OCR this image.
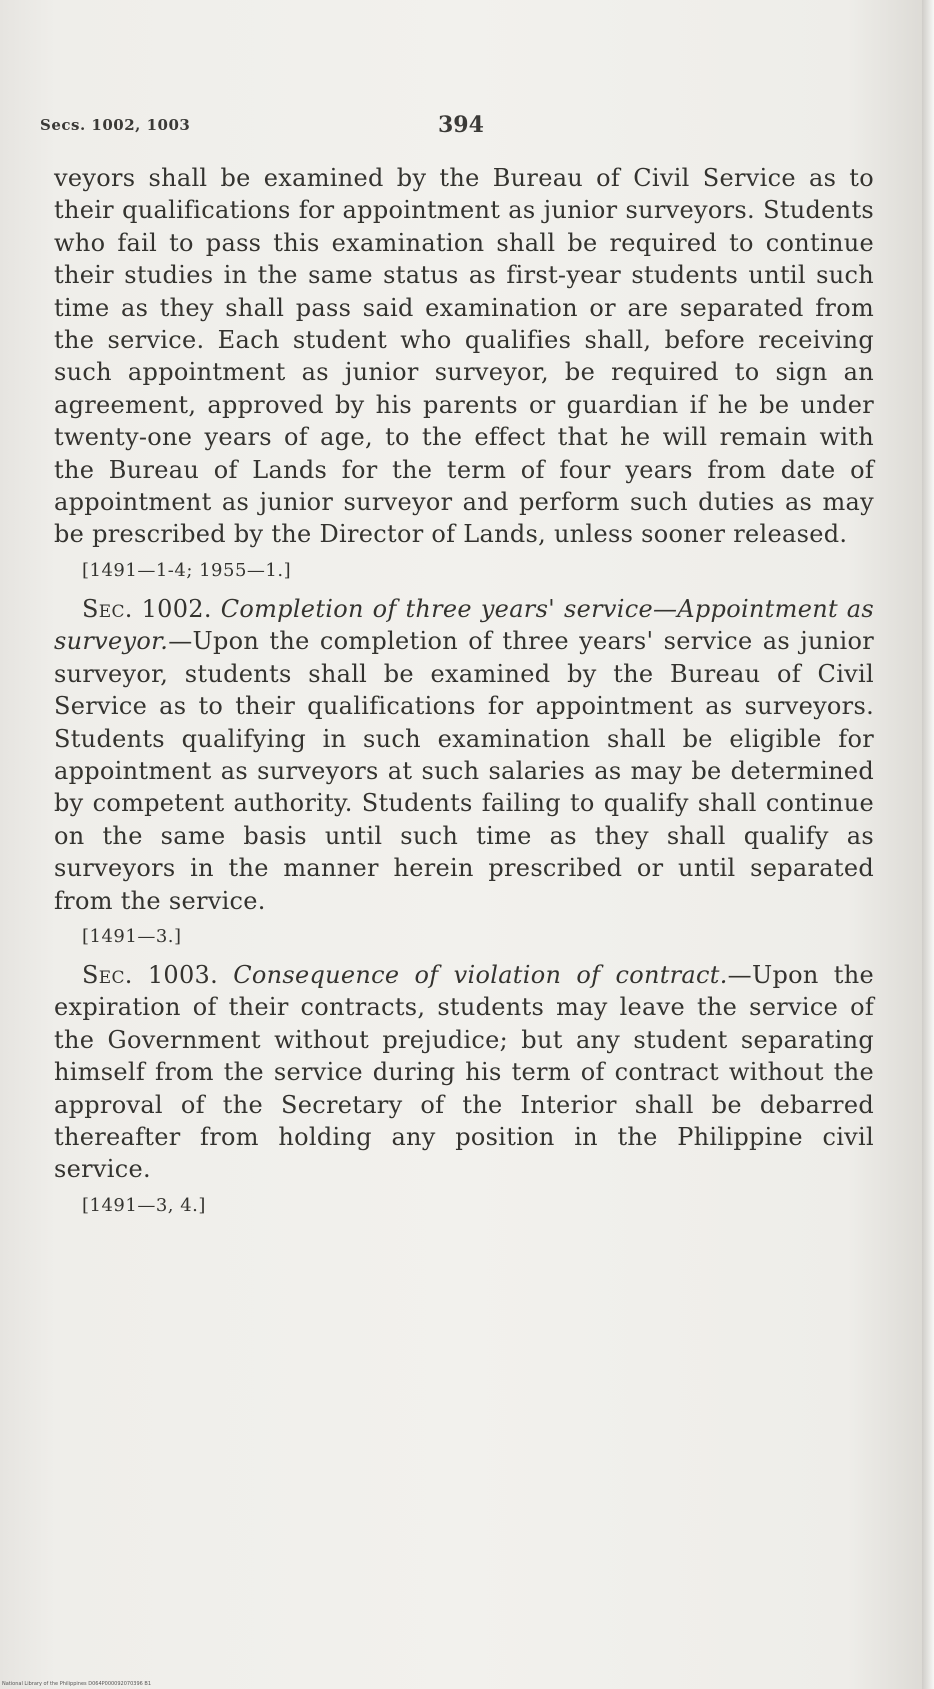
Secs. 1002, 1003	394

veyors shall be examined by the Bureau of Civil Service as to their qualifications for appointment as junior surveyors. Students who fail to pass this examination shall be required to continue their studies in the same status as first-year students until such time as they shall pass said examination or are separated from the service. Each student who qualifies shall, before receiving such appointment as junior surveyor, be required to sign an agreement, approved by his parents or guardian if he be under twenty-one years of age, to the effect that he will remain with the Bureau of Lands for the term of four years from date of appointment as junior surveyor and perform such duties as may be prescribed by the Director of Lands, unless sooner released.

[1491—1-4; 1955—1.]

Sec. 1002. Completion of three years' service—Appointment as surveyor.—Upon the completion of three years' service as junior surveyor, students shall be examined by the Bureau of Civil Service as to their qualifications for appointment as surveyors. Students qualifying in such examination shall be eligible for appointment as surveyors at such salaries as may be determined by competent authority. Students failing to qualify shall continue on the same basis until such time as they shall qualify as surveyors in the manner herein prescribed or until separated from the service.

[1491—3.]

Sec. 1003. Consequence of violation of contract.—Upon the expiration of their contracts, students may leave the service of the Government without prejudice; but any student separating himself from the service during his term of contract without the approval of the Secretary of the Interior shall be debarred thereafter from holding any position in the Philippine civil service.

[1491—3, 4.]
National Library of the Philippines D064P000092070396 B1
